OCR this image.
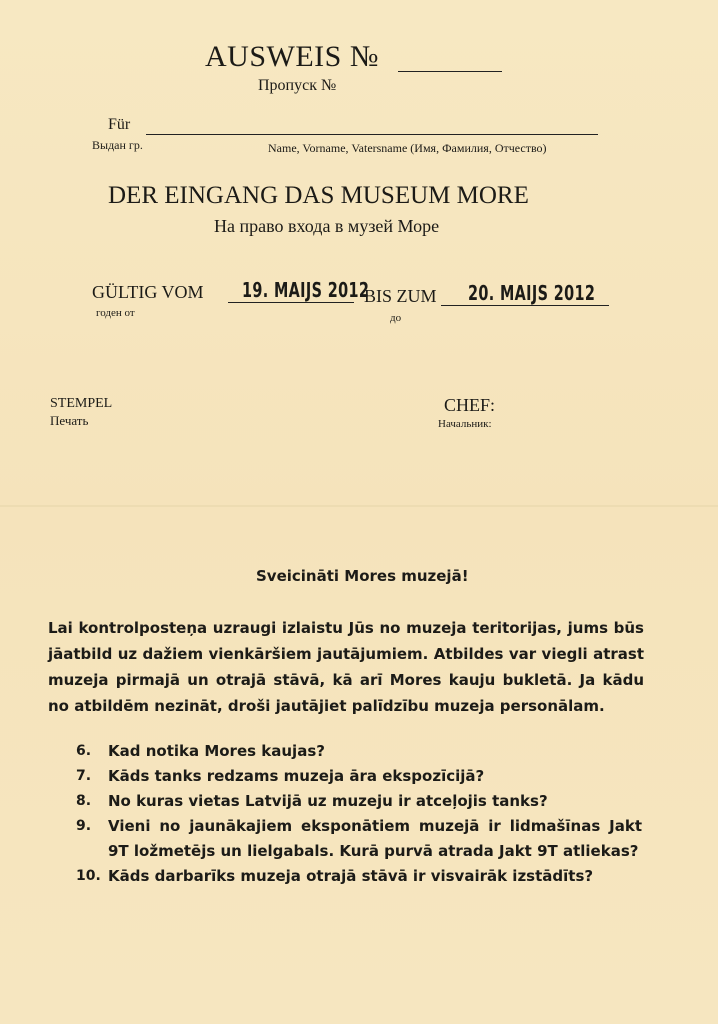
AUSWEIS №
Пропуск №
Für
Выдан гр.	Name, Vorname, Vatersname (Имя, Фамилия, Отчество)
DER EINGANG DAS MUSEUM MORE
На право входа в музей Море
GÜLTIG VOM
годен от
19. MAIJS 2012
BIS ZUM
до
20. MAIJS 2012
STEMPEL
Печать
CHEF:
Начальник:
Sveicināti Mores muzejā!
Lai kontrolposteņa uzraugi izlaistu Jūs no muzeja teritorijas, jums būs jāatbild uz dažiem vienkāršiem jautājumiem. Atbildes var viegli atrast muzeja pirmajā un otrajā stāvā, kā arī Mores kauju bukletā. Ja kādu no atbildēm nezināt, droši jautājiet palīdzību muzeja personālam.
6.	Kad notika Mores kaujas?
7.	Kāds tanks redzams muzeja āra ekspozīcijā?
8.	No kuras vietas Latvijā uz muzeju ir atceļojis tanks?
9.	Vieni no jaunākajiem eksponātiem muzejā ir lidmašīnas Jakt 9T ložmetējs un lielgabals. Kurā purvā atrada Jakt 9T atliekas?
10. Kāds darbarīks muzeja otrajā stāvā ir visvairāk izstādīts?
